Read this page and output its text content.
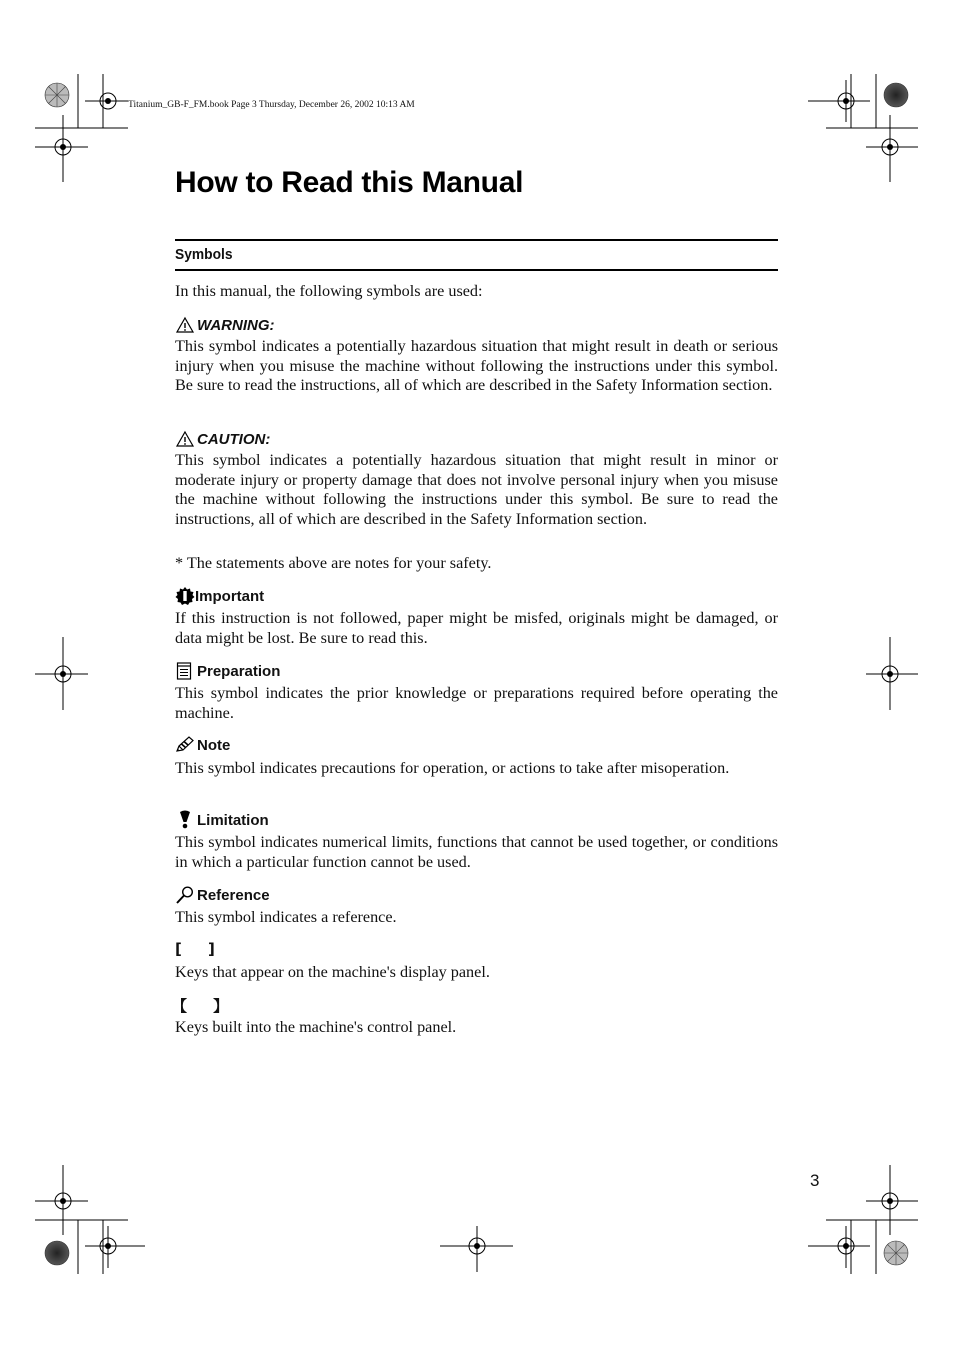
Titanium_GB-F_FM.book Page 3 Thursday, December 26, 2002 10:13 AM
How to Read this Manual
Symbols

In this manual, the following symbols are used:

WARNING:

This symbol indicates a potentially hazardous situation that might result in death or serious injury when you misuse the machine without following the instructions under this symbol. Be sure to read the instructions, all of which are described in the Safety Information section.

CAUTION:

This symbol indicates a potentially hazardous situation that might result in minor or moderate injury or property damage that does not involve personal injury when you misuse the machine without following the instructions under this symbol. Be sure to read the instructions, all of which are described in the Safety Information section.

* The statements above are notes for your safety.

Important

If this instruction is not followed, paper might be misfed, originals might be damaged, or data might be lost. Be sure to read this.

Preparation

This symbol indicates the prior knowledge or preparations required before operating the machine.

Note

This symbol indicates precautions for operation, or actions to take after misoperation.

Limitation

This symbol indicates numerical limits, functions that cannot be used together, or conditions in which a particular function cannot be used.

Reference

This symbol indicates a reference.

[     ]

Keys that appear on the machine's display panel.

【     】

Keys built into the machine's control panel.

3
